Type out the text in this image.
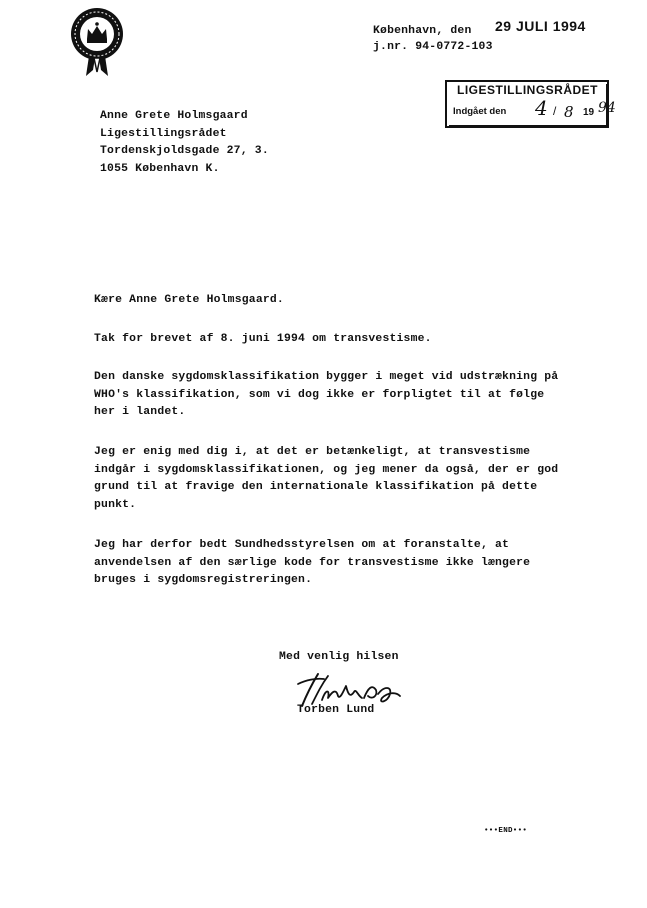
København, den 29 JULI 1994
j.nr. 94-0772-103
LIGESTILLINGSRÅDET
Indgået den 4 / 8 19 94
Anne Grete Holmsgaard
Ligestillingsrådet
Tordenskjoldsgade 27, 3.
1055 København K.
Kære Anne Grete Holmsgaard.
Tak for brevet af 8. juni 1994 om transvestisme.
Den danske sygdomsklassifikation bygger i meget vid udstrækning på
WHO's klassifikation, som vi dog ikke er forpligtet til at følge
her i landet.
Jeg er enig med dig i, at det er betænkeligt, at transvestisme
indgår i sygdomsklassifikationen, og jeg mener da også, der er god
grund til at fravige den internationale klassifikation på dette
punkt.
Jeg har derfor bedt Sundhedsstyrelsen om at foranstalte, at
anvendelsen af den særlige kode for transvestisme ikke længere
bruges i sygdomsregistreringen.
Med venlig hilsen
Torben Lund
•••END•••
